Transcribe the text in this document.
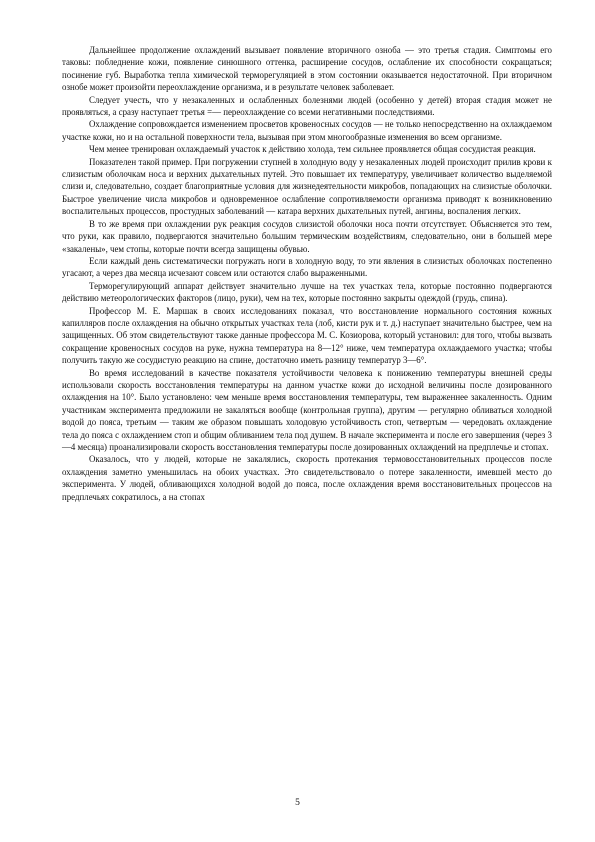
Дальнейшее продолжение охлаждений вызывает появление вторичного озноба — это третья стадия. Симптомы его таковы: побледнение кожи, появление синюшного оттенка, расширение сосудов, ослабление их способности сокращаться; посинение губ. Выработка тепла химической терморегуляцией в этом состоянии оказывается недостаточной. При вторичном ознобе может произойти переохлаждение организма, и в результате человек заболевает.

Следует учесть, что у незакаленных и ослабленных болезнями людей (особенно у детей) вторая стадия может не проявляться, а сразу наступает третья =— переохлаждение со всеми негативными последствиями.

Охлаждение сопровождается изменением просветов кровеносных сосудов — не только непосредственно на охлаждаемом участке кожи, но и на остальной поверхности тела, вызывая при этом многообразные изменения во всем организме.

Чем менее тренирован охлаждаемый участок к действию холода, тем сильнее проявляется общая сосудистая реакция.

Показателен такой пример. При погружении ступней в холодную воду у незакаленных людей происходит прилив крови к слизистым оболочкам носа и верхних дыхательных путей. Это повышает их температуру, увеличивает количество выделяемой слизи и, следовательно, создает благоприятные условия для жизнедеятельности микробов, попадающих на слизистые оболочки. Быстрое увеличение числа микробов и одновременное ослабление сопротивляемости организма приводят к возникновению воспалительных процессов, простудных заболеваний — катара верхних дыхательных путей, ангины, воспаления легких.

В то же время при охлаждении рук реакция сосудов слизистой оболочки носа почти отсутствует. Объясняется это тем, что руки, как правило, подвергаются значительно большим термическим воздействиям, следовательно, они в большей мере «закалены», чем стопы, которые почти всегда защищены обувью.

Если каждый день систематически погружать ноги в холодную воду, то эти явления в слизистых оболочках постепенно угасают, а через два месяца исчезают совсем или остаются слабо выраженными.

Терморегулирующий аппарат действует значительно лучше на тех участках тела, которые постоянно подвергаются действию метеорологических факторов (лицо, руки), чем на тех, которые постоянно закрыты одеждой (грудь, спина).

Профессор М. Е. Маршак в своих исследованиях показал, что восстановление нормального состояния кожных капилляров после охлаждения на обычно открытых участках тела (лоб, кисти рук и т. д.) наступает значительно быстрее, чем на защищенных. Об этом свидетельствуют также данные профессора М. С. Козиорова, который установил: для того, чтобы вызвать сокращение кровеносных сосудов на руке, нужна температура на 8—12° ниже, чем температура охлаждаемого участка; чтобы получить такую же сосудистую реакцию на спине, достаточно иметь разницу температур 3—6°.

Во время исследований в качестве показателя устойчивости человека к понижению температуры внешней среды использовали скорость восстановления температуры на данном участке кожи до исходной величины после дозированного охлаждения на 10°. Было установлено: чем меньше время восстановления температуры, тем выраженнее закаленность. Одним участникам эксперимента предложили не закаляться вообще (контрольная группа), другим — регулярно обливаться холодной водой до пояса, третьим — таким же образом повышать холодовую устойчивость стоп, четвертым — чередовать охлаждение тела до пояса с охлаждением стоп и общим обливанием тела под душем. В начале эксперимента и после его завершения (через 3—4 месяца) проанализировали скорость восстановления температуры после дозированных охлаждений на предплечье и стопах.

Оказалось, что у людей, которые не закалялись, скорость протекания термовосстановительных процессов после охлаждения заметно уменьшилась на обоих участках. Это свидетельствовало о потере закаленности, имевшей место до эксперимента. У людей, обливающихся холодной водой до пояса, после охлаждения время восстановительных процессов на предплечьях сократилось, а на стопах

5
